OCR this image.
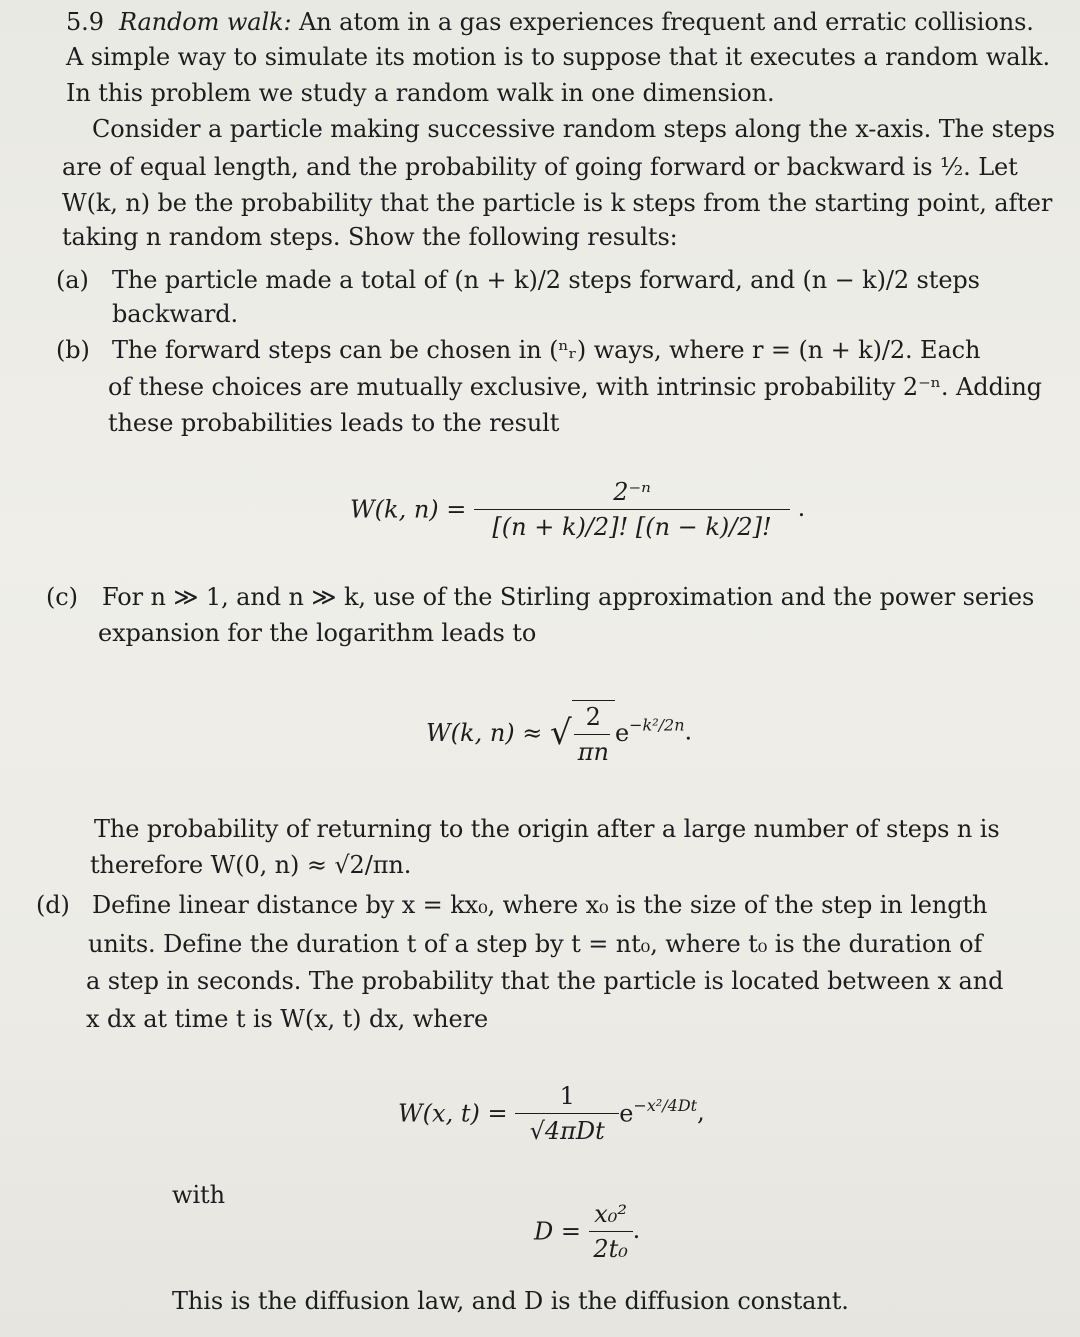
5.9 Random walk: An atom in a gas experiences frequent and erratic collisions.
A simple way to simulate its motion is to suppose that it executes a random walk.
In this problem we study a random walk in one dimension.
Consider a particle making successive random steps along the x-axis. The steps
are of equal length, and the probability of going forward or backward is ½. Let
W(k, n) be the probability that the particle is k steps from the starting point, after
taking n random steps. Show the following results:
(a) The particle made a total of (n + k)/2 steps forward, and (n − k)/2 steps
backward.
(b) The forward steps can be chosen in (ⁿᵣ) ways, where r = (n + k)/2. Each
of these choices are mutually exclusive, with intrinsic probability 2⁻ⁿ. Adding
these probabilities leads to the result
W(k, $n) = \frac{\text{2⁻ⁿ}}{[(n + k)/2]! [(n - k)/2]!}$ .
(c) For n ≫ 1, and n ≫ k, use of the Stirling approximation and the power series
expansion for the logarithm leads to
W(k, n) ≈ √ $\frac{2}{\pi n} e^{-k^2/2n}$.
The probability of returning to the origin after a large number of steps n is
therefore W(0, n) ≈ √2/πn.
(d) Define linear distance by x = kx₀, where x₀ is the size of the step in length
units. Define the duration t of a step by t = nt₀, where t₀ is the duration of
a step in seconds. The probability that the particle is located between x and
x dx at time t is W(x, t) dx, where
W(x, $t) = \frac{1}{\text{√4πDt}} e^{-x^2/4Dt}$,
with
$D = \frac{\text{x₀²}}{\text{2t₀}}$ .
This is the diffusion law, and D is the diffusion constant.
